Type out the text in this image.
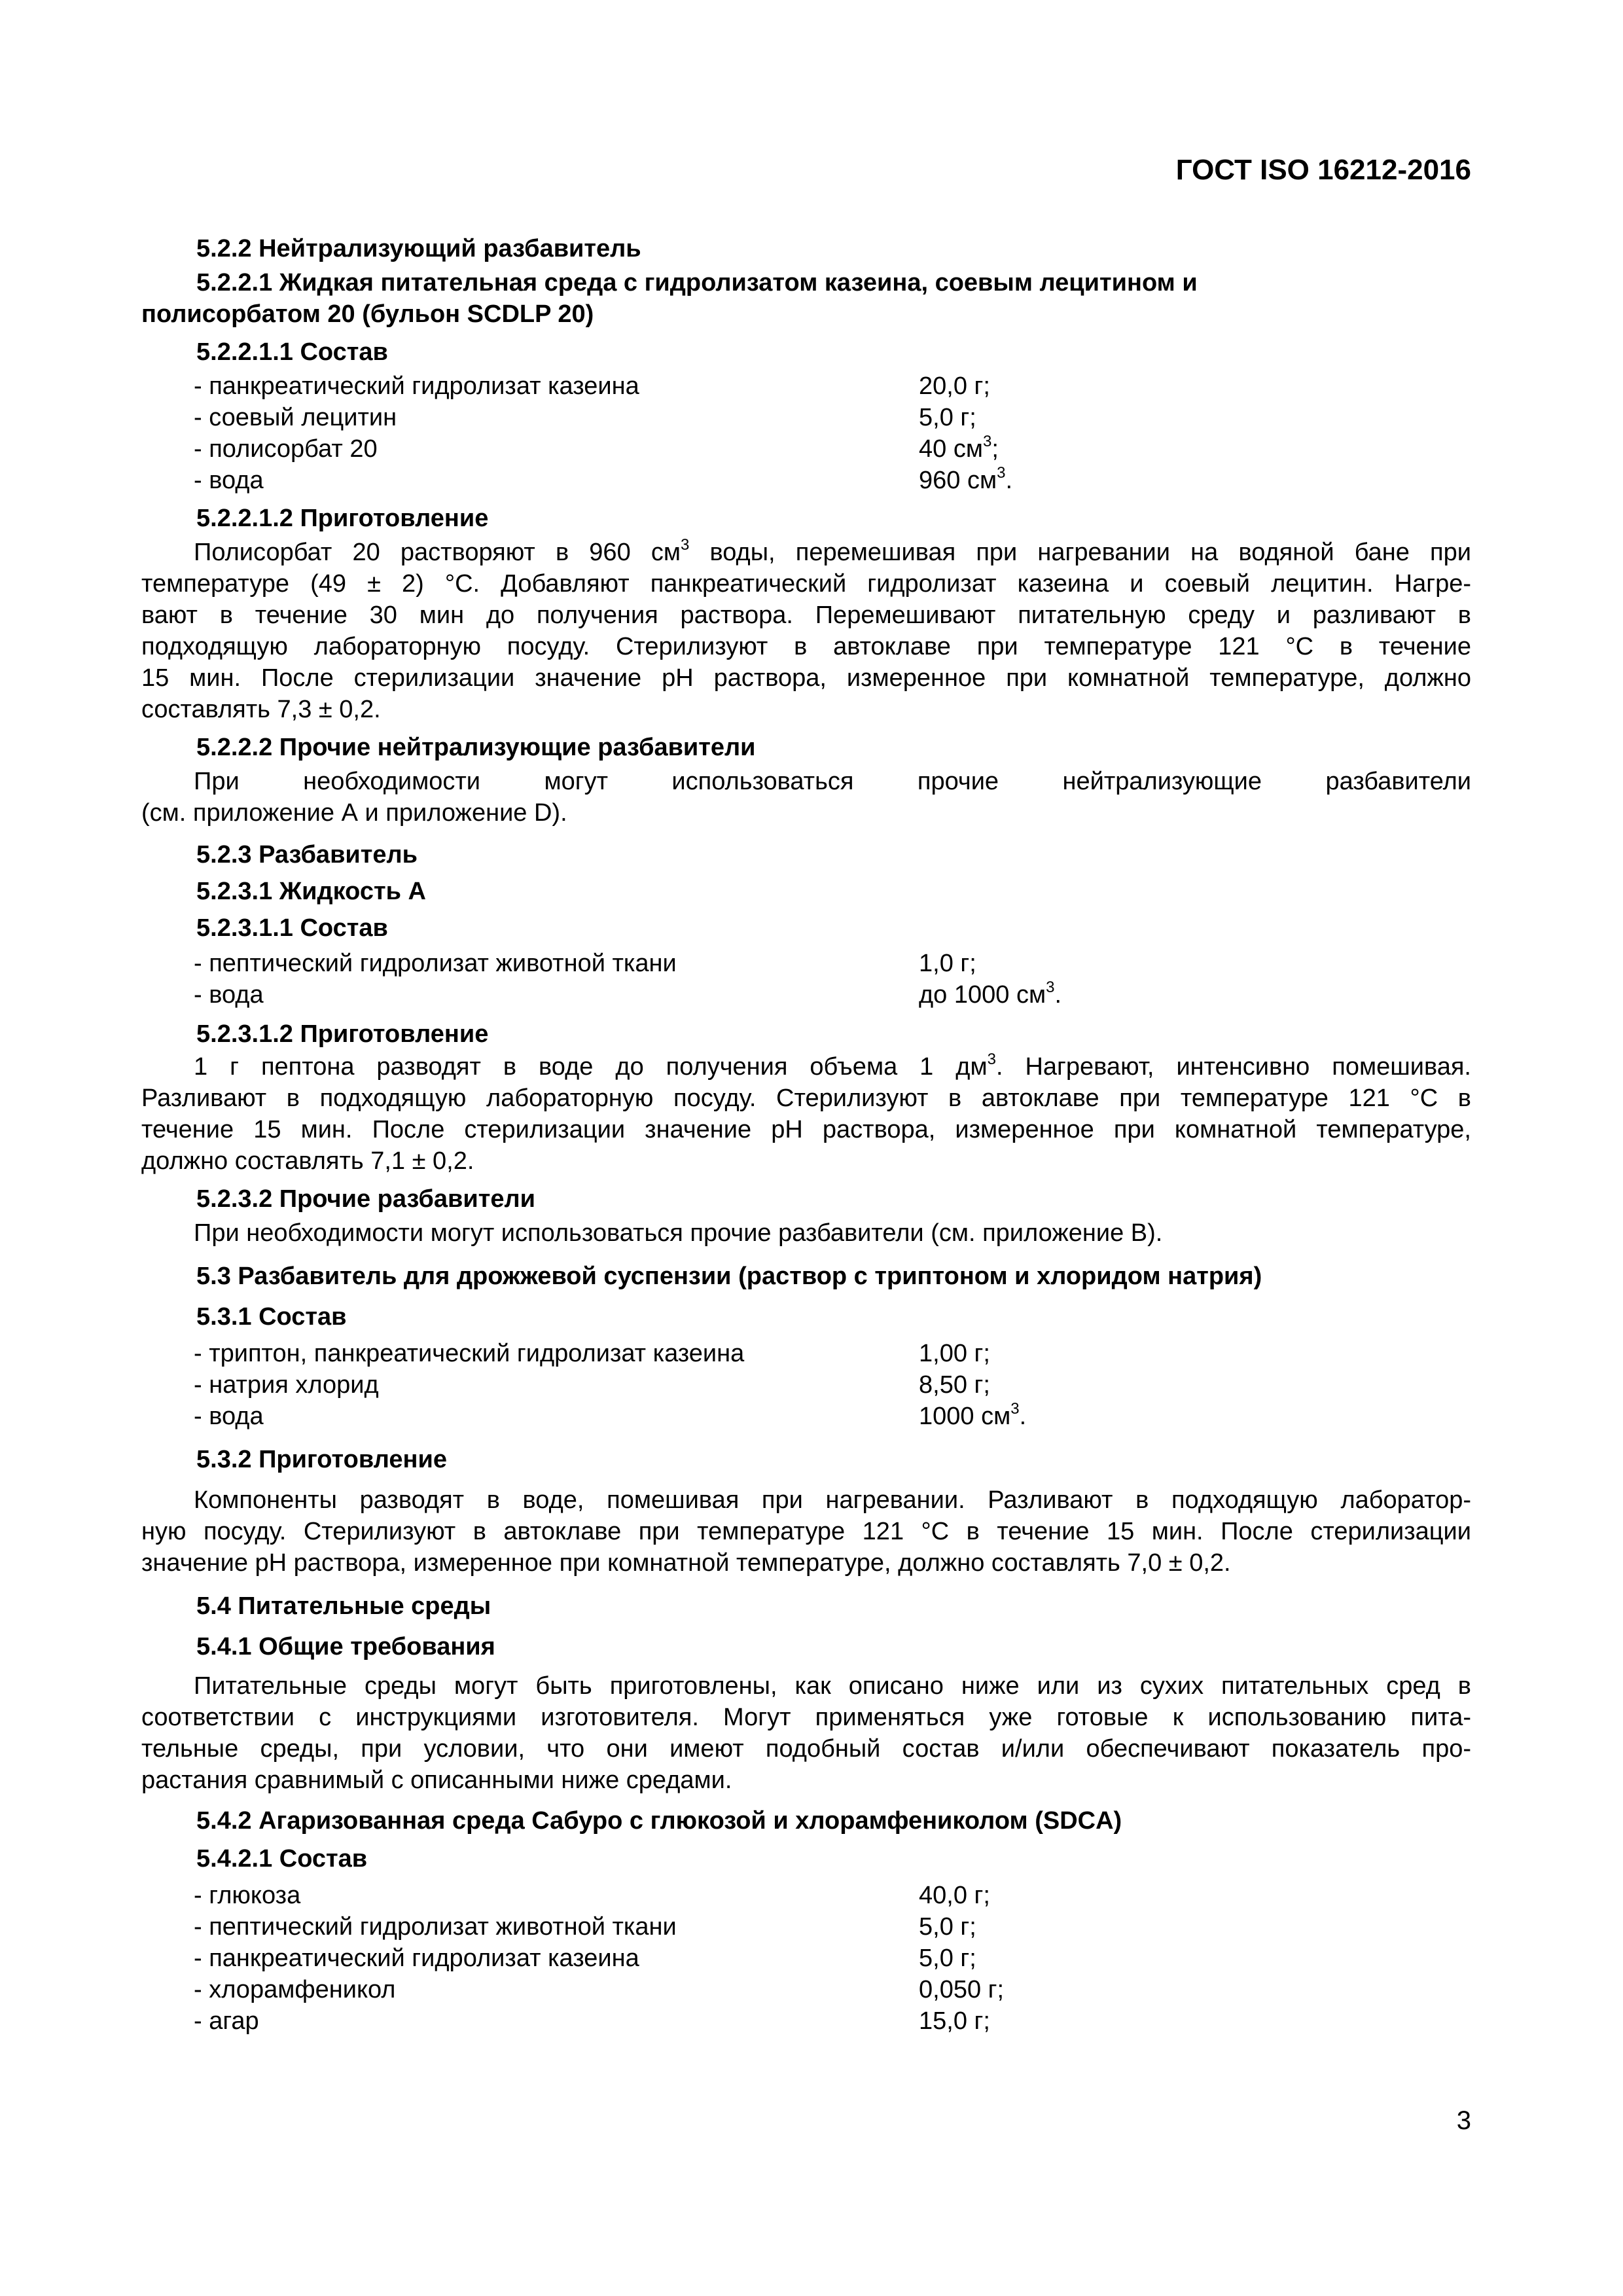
ГОСТ ISO 16212-2016
5.2.2 Нейтрализующий разбавитель
5.2.2.1 Жидкая питательная среда с гидролизатом казеина, соевым лецитином и
полисорбатом 20 (бульон SCDLP 20)
5.2.2.1.1 Состав
- панкреатический гидролизат казеина	20,0 г;
- соевый лецитин	5,0 г;
- полисорбат 20	40 $см^3$;
- вода	960 $см^3$.
5.2.2.1.2 Приготовление
Полисорбат 20 растворяют в 960 $см^3$ воды, перемешивая при нагревании на водяной бане при
температуре (49 ± 2) °С. Добавляют панкреатический гидролизат казеина и соевый лецитин. Нагре-
вают в течение 30 мин до получения раствора. Перемешивают питательную среду и разливают в
подходящую лабораторную посуду. Стерилизуют в автоклаве при температуре 121 °С в течение
15 мин. После стерилизации значение рН раствора, измеренное при комнатной температуре, должно
составлять 7,3 ± 0,2.
5.2.2.2 Прочие нейтрализующие разбавители
При необходимости могут использоваться прочие нейтрализующие разбавители
(см. приложение А и приложение D).
5.2.3 Разбавитель
5.2.3.1 Жидкость А
5.2.3.1.1 Состав
- пептический гидролизат животной ткани	1,0 г;
- вода	до 1000 $см^3$.
5.2.3.1.2 Приготовление
1 г пептона разводят в воде до получения объема 1 $дм^3$. Нагревают, интенсивно помешивая.
Разливают в подходящую лабораторную посуду. Стерилизуют в автоклаве при температуре 121 °С в
течение 15 мин. После стерилизации значение рН раствора, измеренное при комнатной температуре,
должно составлять 7,1 ± 0,2.
5.2.3.2 Прочие разбавители
При необходимости могут использоваться прочие разбавители (см. приложение В).
5.3 Разбавитель для дрожжевой суспензии (раствор с триптоном и хлоридом натрия)
5.3.1 Состав
- триптон, панкреатический гидролизат казеина	1,00 г;
- натрия хлорид	8,50 г;
- вода	1000 $см^3$.
5.3.2 Приготовление
Компоненты разводят в воде, помешивая при нагревании. Разливают в подходящую лаборатор-
ную посуду. Стерилизуют в автоклаве при температуре 121 °С в течение 15 мин. После стерилизации
значение рН раствора, измеренное при комнатной температуре, должно составлять 7,0 ± 0,2.
5.4 Питательные среды
5.4.1 Общие требования
Питательные среды могут быть приготовлены, как описано ниже или из сухих питательных сред в
соответствии с инструкциями изготовителя. Могут применяться уже готовые к использованию пита-
тельные среды, при условии, что они имеют подобный состав и/или обеспечивают показатель про-
растания сравнимый с описанными ниже средами.
5.4.2 Агаризованная среда Сабуро с глюкозой и хлорамфениколом (SDCA)
5.4.2.1 Состав
- глюкоза	40,0 г;
- пептический гидролизат животной ткани	5,0 г;
- панкреатический гидролизат казеина	5,0 г;
- хлорамфеникол	0,050 г;
- агар	15,0 г;
3
